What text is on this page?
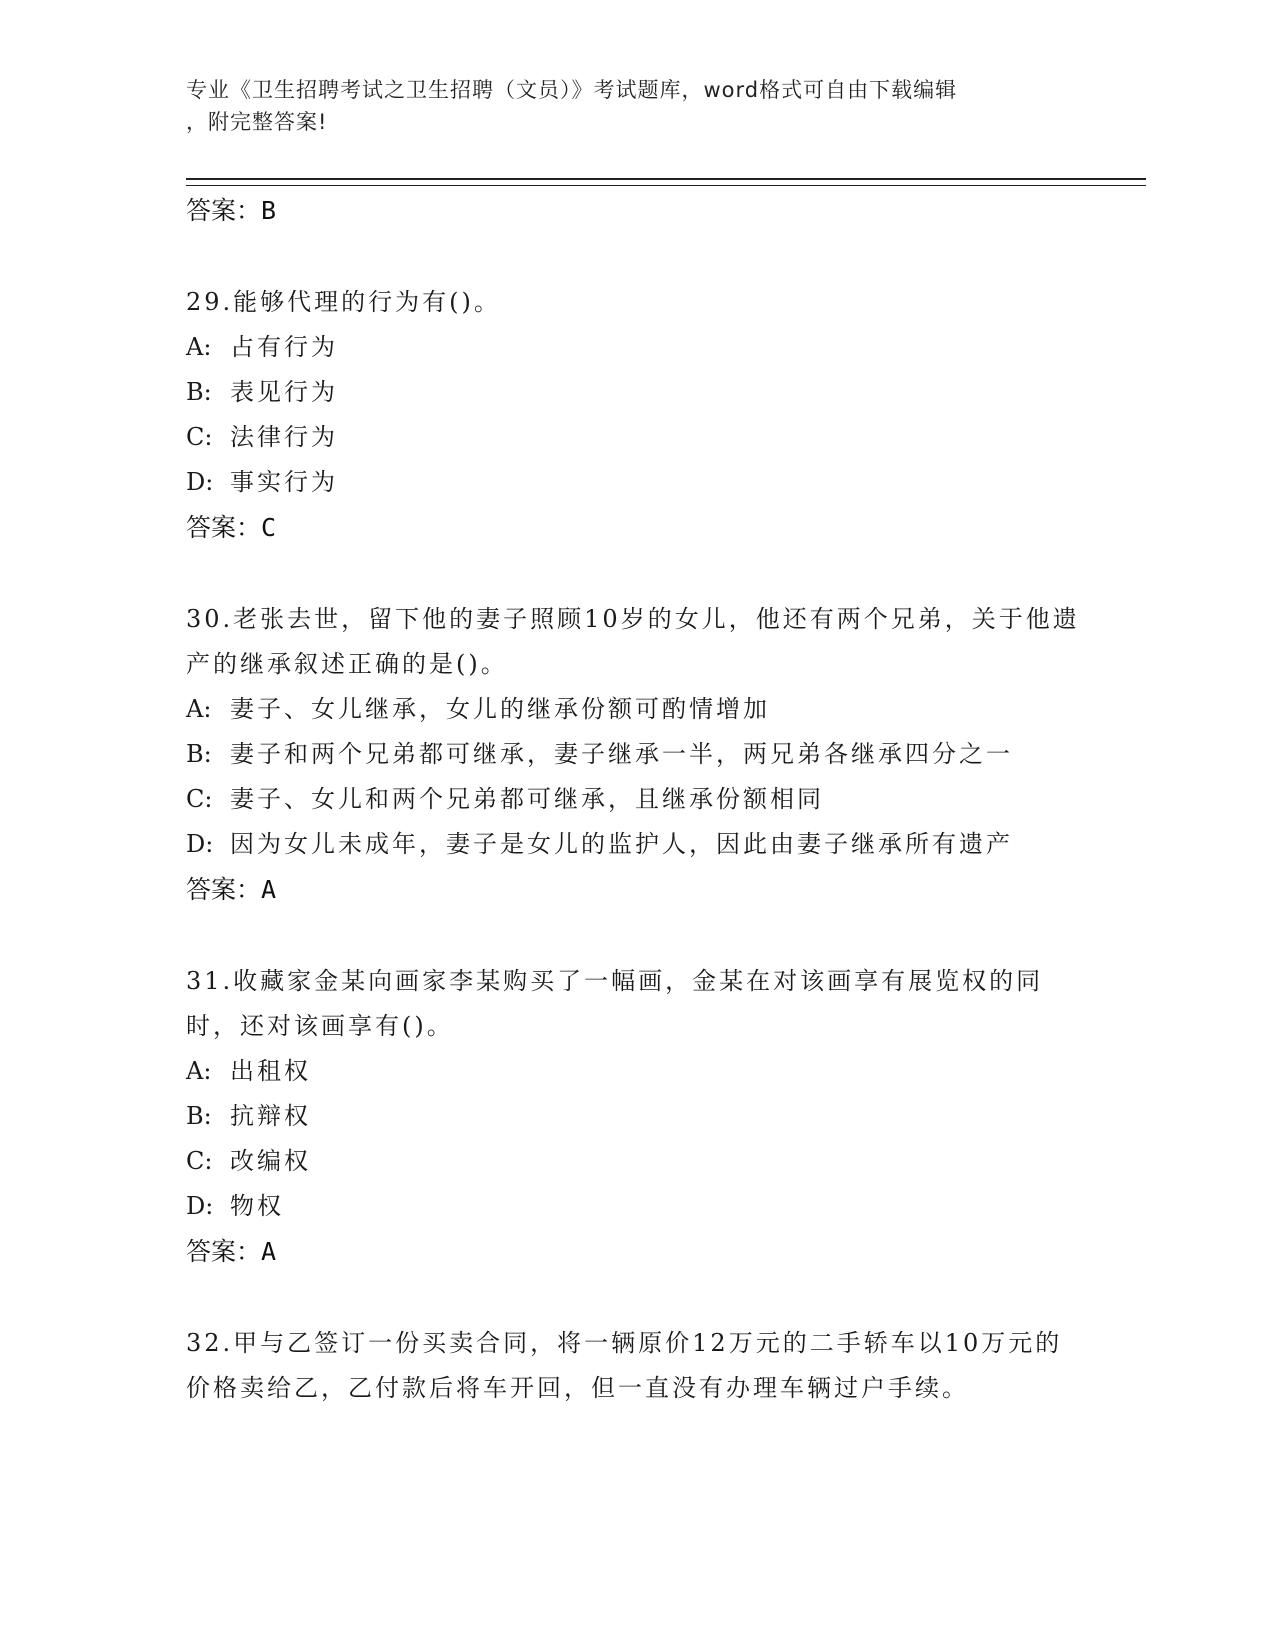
专业《卫生招聘考试之卫生招聘（文员）》考试题库，word格式可自由下载编辑
，附完整答案!

答案：B

29.能够代理的行为有()。

A: 占有行为

B: 表见行为

C: 法律行为

D: 事实行为

答案：C

30.老张去世，留下他的妻子照顾10岁的女儿，他还有两个兄弟，关于他遗产的继承叙述正确的是()。

A: 妻子、女儿继承，女儿的继承份额可酌情增加

B: 妻子和两个兄弟都可继承，妻子继承一半，两兄弟各继承四分之一

C: 妻子、女儿和两个兄弟都可继承，且继承份额相同

D: 因为女儿未成年，妻子是女儿的监护人，因此由妻子继承所有遗产

答案：A

31.收藏家金某向画家李某购买了一幅画，金某在对该画享有展览权的同时，还对该画享有()。

A: 出租权

B: 抗辩权

C: 改编权

D: 物权

答案：A

32.甲与乙签订一份买卖合同，将一辆原价12万元的二手轿车以10万元的价格卖给乙，乙付款后将车开回，但一直没有办理车辆过户手续。
